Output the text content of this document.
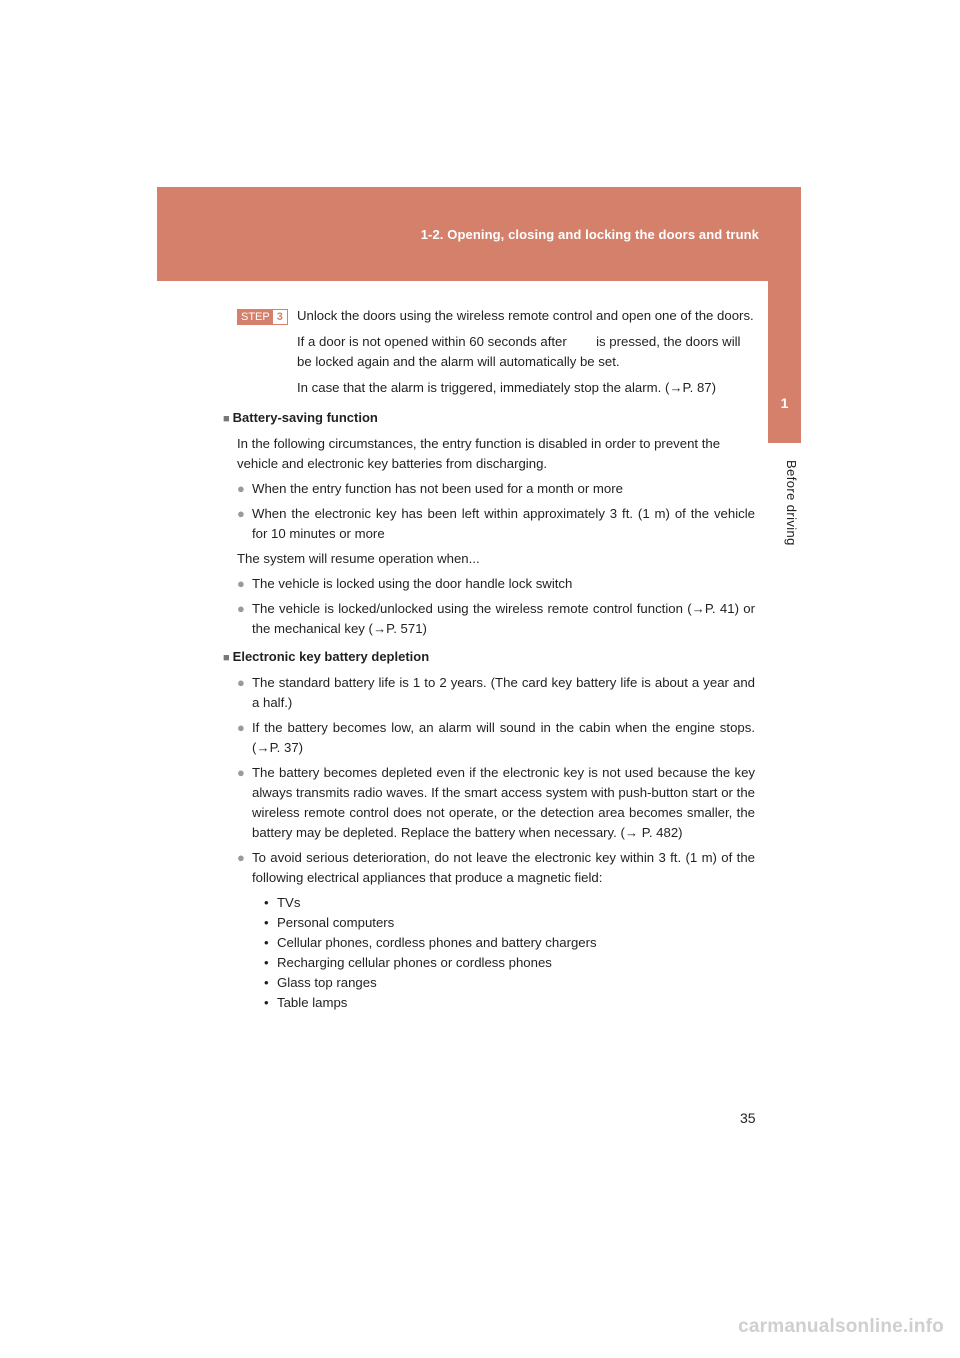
1-2. Opening, closing and locking the doors and trunk
1
Before driving
STEP 3	Unlock the doors using the wireless remote control and open one of the doors.

If a door is not opened within 60 seconds after        is pressed, the doors will be locked again and the alarm will automatically be set.

In case that the alarm is triggered, immediately stop the alarm. (→P. 87)

■ Battery-saving function

In the following circumstances, the entry function is disabled in order to prevent the vehicle and electronic key batteries from discharging.

● When the entry function has not been used for a month or more
● When the electronic key has been left within approximately 3 ft. (1 m) of the vehicle for 10 minutes or more

The system will resume operation when...

● The vehicle is locked using the door handle lock switch
● The vehicle is locked/unlocked using the wireless remote control function (→P. 41) or the mechanical key (→P. 571)

■ Electronic key battery depletion

● The standard battery life is 1 to 2 years. (The card key battery life is about a year and a half.)
● If the battery becomes low, an alarm will sound in the cabin when the engine stops. (→P. 37)
● The battery becomes depleted even if the electronic key is not used because the key always transmits radio waves. If the smart access system with push-button start or the wireless remote control does not operate, or the detection area becomes smaller, the battery may be depleted. Replace the battery when necessary. (→ P. 482)
● To avoid serious deterioration, do not leave the electronic key within 3 ft. (1 m) of the following electrical appliances that produce a magnetic field:

• TVs

• Personal computers

• Cellular phones, cordless phones and battery chargers

• Recharging cellular phones or cordless phones

• Glass top ranges

• Table lamps

35
carmanualsonline.info
